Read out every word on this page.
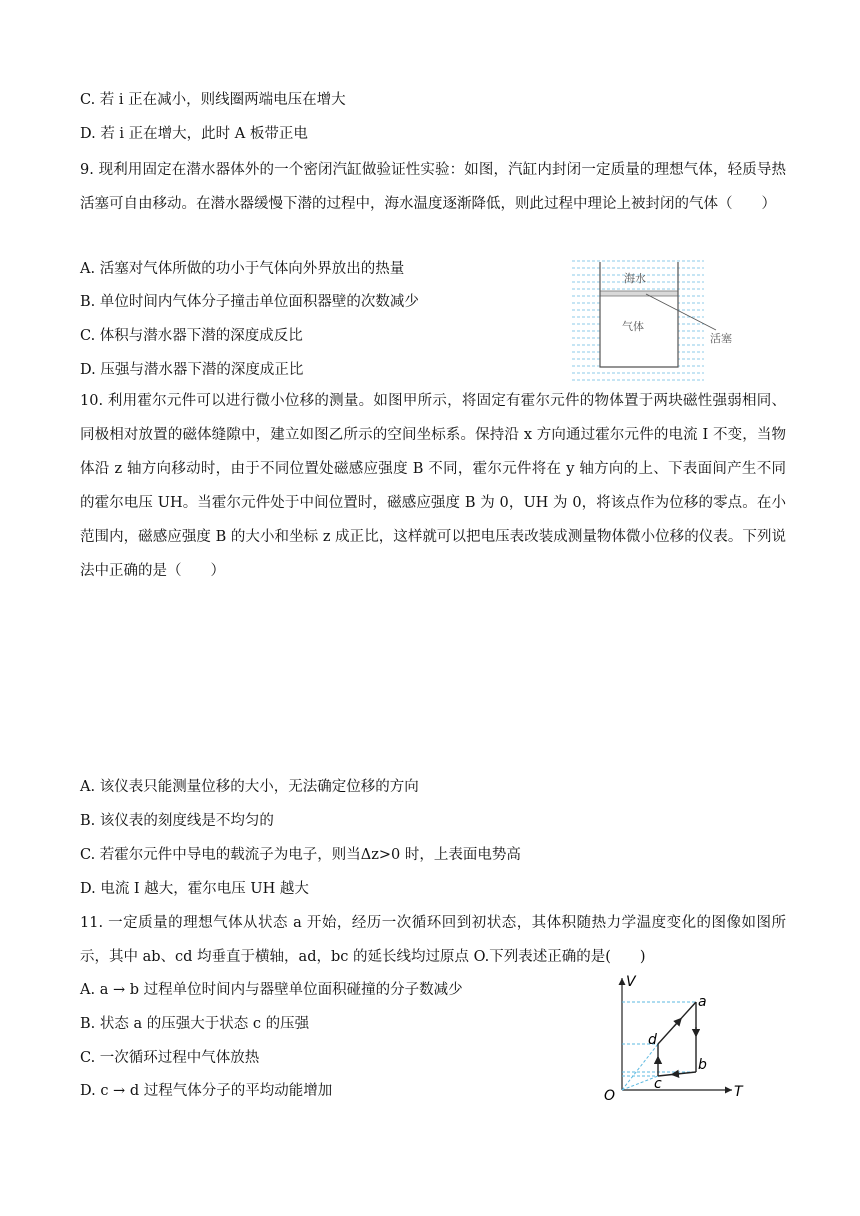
C. 若 i 正在减小，则线圈两端电压在增大
D. 若 i 正在增大，此时 A 板带正电
9. 现利用固定在潜水器体外的一个密闭汽缸做验证性实验：如图，汽缸内封闭一定质量的理想气体，轻质导热活塞可自由移动。在潜水器缓慢下潜的过程中，海水温度逐渐降低，则此过程中理论上被封闭的气体（　　）
A. 活塞对气体所做的功小于气体向外界放出的热量
B. 单位时间内气体分子撞击单位面积器壁的次数减少
C. 体积与潜水器下潜的深度成反比
D. 压强与潜水器下潜的深度成正比
海水
气体
活塞
10. 利用霍尔元件可以进行微小位移的测量。如图甲所示，将固定有霍尔元件的物体置于两块磁性强弱相同、同极相对放置的磁体缝隙中，建立如图乙所示的空间坐标系。保持沿 x 方向通过霍尔元件的电流 I 不变，当物体沿 z 轴方向移动时，由于不同位置处磁感应强度 B 不同，霍尔元件将在 y 轴方向的上、下表面间产生不同的霍尔电压 UH。当霍尔元件处于中间位置时，磁感应强度 B 为 0，UH 为 0，将该点作为位移的零点。在小范围内，磁感应强度 B 的大小和坐标 z 成正比，这样就可以把电压表改装成测量物体微小位移的仪表。下列说法中正确的是（　　）
A. 该仪表只能测量位移的大小，无法确定位移的方向
B. 该仪表的刻度线是不均匀的
C. 若霍尔元件中导电的载流子为电子，则当Δz>0 时，上表面电势高
D. 电流 I 越大，霍尔电压 UH 越大
11. 一定质量的理想气体从状态 a 开始，经历一次循环回到初状态，其体积随热力学温度变化的图像如图所示，其中 ab、cd 均垂直于横轴，ad，bc 的延长线均过原点 O.下列表述正确的是(　　)
A. a → b 过程单位时间内与器壁单位面积碰撞的分子数减少
B. 状态 a 的压强大于状态 c 的压强
C. 一次循环过程中气体放热
D. c → d 过程气体分子的平均动能增加
V
T
O
a
b
c
d
